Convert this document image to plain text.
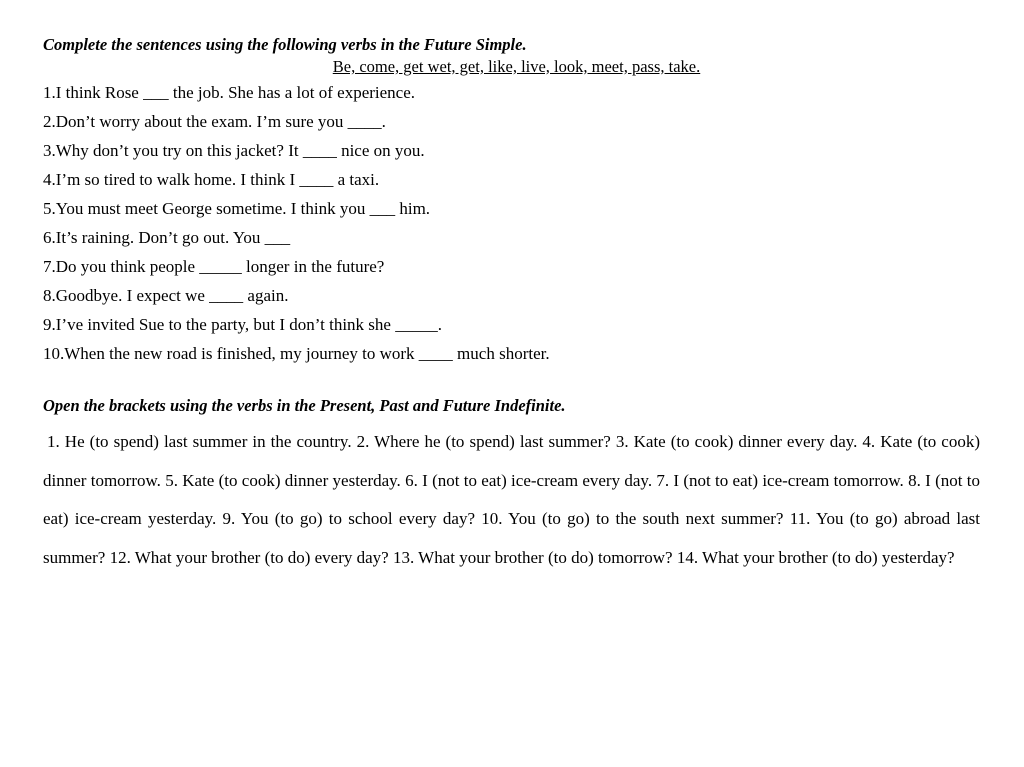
Complete the sentences using the following verbs in the Future Simple.

Be, come, get wet, get, like, live, look, meet, pass, take.

1.I think Rose ___ the job. She has a lot of experience.
2.Don’t worry about the exam. I’m sure you ____.
3.Why don’t you try on this jacket? It ____ nice on you.
4.I’m so tired to walk home. I think I ____ a taxi.
5.You must meet George sometime. I think you ___ him.
6.It’s raining. Don’t go out. You ___
7.Do you think people _____ longer in the future?
8.Goodbye. I expect we ____ again.
9.I’ve invited Sue to the party, but I don’t think she _____.
10.When the new road is finished, my journey to work ____ much shorter.

Open the brackets using the verbs in the Present, Past and Future Indefinite.

1. He (to spend) last summer in the country. 2. Where he (to spend) last summer? 3. Kate (to cook) dinner every day. 4. Kate (to cook) dinner tomorrow. 5. Kate (to cook) dinner yesterday. 6. I (not to eat) ice-cream every day. 7. I (not to eat) ice-cream tomorrow. 8. I (not to eat) ice-cream yesterday. 9. You (to go) to school every day? 10. You (to go) to the south next summer? 11. You (to go) abroad last summer? 12. What your brother (to do) every day? 13. What your brother (to do) tomorrow? 14. What your brother (to do) yesterday?
